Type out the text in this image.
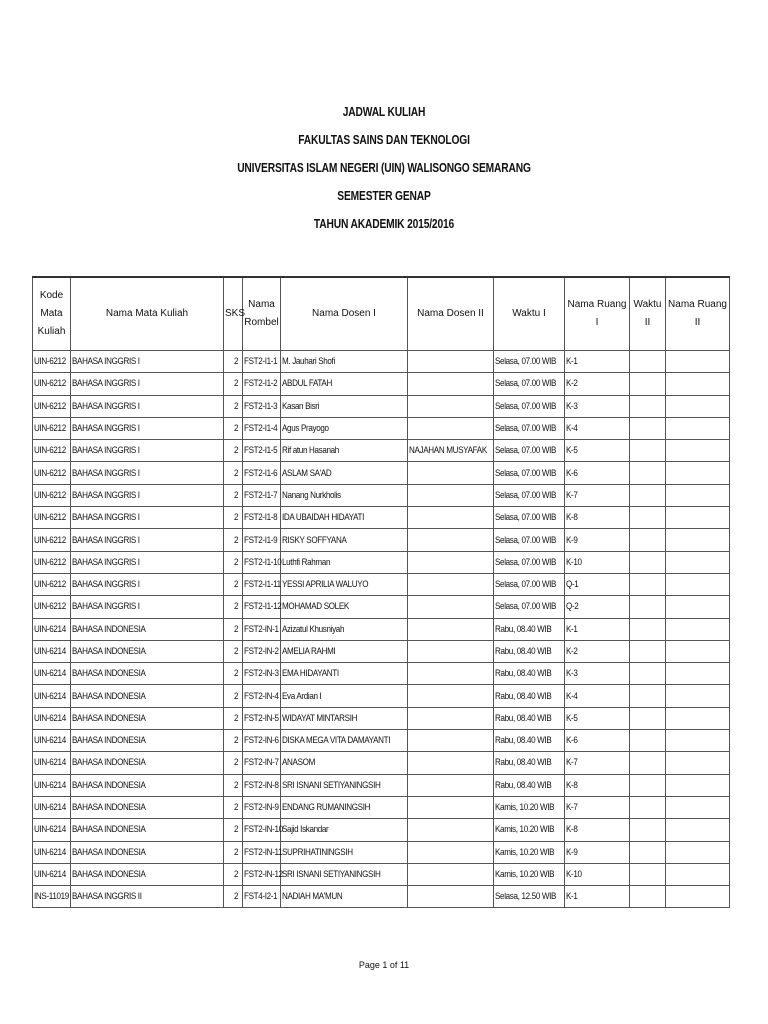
JADWAL KULIAH
FAKULTAS SAINS DAN TEKNOLOGI
UNIVERSITAS ISLAM NEGERI (UIN) WALISONGO SEMARANG
SEMESTER GENAP
TAHUN AKADEMIK 2015/2016
Kode Mata Kuliah	Nama Mata Kuliah	SKS	Nama Rombel	Nama Dosen I	Nama Dosen II	Waktu I	Nama Ruang I	Waktu II	Nama Ruang II
UIN-6212	BAHASA INGGRIS I	2	FST2-I1-1	M. Jauhari Shofi		Selasa, 07.00 WIB	K-1		
UIN-6212	BAHASA INGGRIS I	2	FST2-I1-2	ABDUL FATAH		Selasa, 07.00 WIB	K-2		
UIN-6212	BAHASA INGGRIS I	2	FST2-I1-3	Kasan Bisri		Selasa, 07.00 WIB	K-3		
UIN-6212	BAHASA INGGRIS I	2	FST2-I1-4	Agus Prayogo		Selasa, 07.00 WIB	K-4		
UIN-6212	BAHASA INGGRIS I	2	FST2-I1-5	Rif atun Hasanah	NAJAHAN MUSYAFAK	Selasa, 07.00 WIB	K-5		
UIN-6212	BAHASA INGGRIS I	2	FST2-I1-6	ASLAM SA'AD		Selasa, 07.00 WIB	K-6		
UIN-6212	BAHASA INGGRIS I	2	FST2-I1-7	Nanang Nurkholis		Selasa, 07.00 WIB	K-7		
UIN-6212	BAHASA INGGRIS I	2	FST2-I1-8	IDA UBAIDAH HIDAYATI		Selasa, 07.00 WIB	K-8		
UIN-6212	BAHASA INGGRIS I	2	FST2-I1-9	RISKY SOFFYANA		Selasa, 07.00 WIB	K-9		
UIN-6212	BAHASA INGGRIS I	2	FST2-I1-10	Luthfi Rahman		Selasa, 07.00 WIB	K-10		
UIN-6212	BAHASA INGGRIS I	2	FST2-I1-11	YESSI APRILIA WALUYO		Selasa, 07.00 WIB	Q-1		
UIN-6212	BAHASA INGGRIS I	2	FST2-I1-12	MOHAMAD SOLEK		Selasa, 07.00 WIB	Q-2		
UIN-6214	BAHASA INDONESIA	2	FST2-IN-1	Azizatul Khusniyah		Rabu, 08.40 WIB	K-1		
UIN-6214	BAHASA INDONESIA	2	FST2-IN-2	AMELIA RAHMI		Rabu, 08.40 WIB	K-2		
UIN-6214	BAHASA INDONESIA	2	FST2-IN-3	EMA HIDAYANTI		Rabu, 08.40 WIB	K-3		
UIN-6214	BAHASA INDONESIA	2	FST2-IN-4	Eva Ardian I		Rabu, 08.40 WIB	K-4		
UIN-6214	BAHASA INDONESIA	2	FST2-IN-5	WIDAYAT MINTARSIH		Rabu, 08.40 WIB	K-5		
UIN-6214	BAHASA INDONESIA	2	FST2-IN-6	DISKA MEGA VITA DAMAYANTI		Rabu, 08.40 WIB	K-6		
UIN-6214	BAHASA INDONESIA	2	FST2-IN-7	ANASOM		Rabu, 08.40 WIB	K-7		
UIN-6214	BAHASA INDONESIA	2	FST2-IN-8	SRI ISNANI SETIYANINGSIH		Rabu, 08.40 WIB	K-8		
UIN-6214	BAHASA INDONESIA	2	FST2-IN-9	ENDANG RUMANINGSIH		Kamis, 10.20 WIB	K-7		
UIN-6214	BAHASA INDONESIA	2	FST2-IN-10	Sajid Iskandar		Kamis, 10.20 WIB	K-8		
UIN-6214	BAHASA INDONESIA	2	FST2-IN-11	SUPRIHATININGSIH		Kamis, 10.20 WIB	K-9		
UIN-6214	BAHASA INDONESIA	2	FST2-IN-12	SRI ISNANI SETIYANINGSIH		Kamis, 10.20 WIB	K-10		
INS-11019	BAHASA INGGRIS II	2	FST4-I2-1	NADIAH MA'MUN		Selasa, 12.50 WIB	K-1		
Page 1 of 11
